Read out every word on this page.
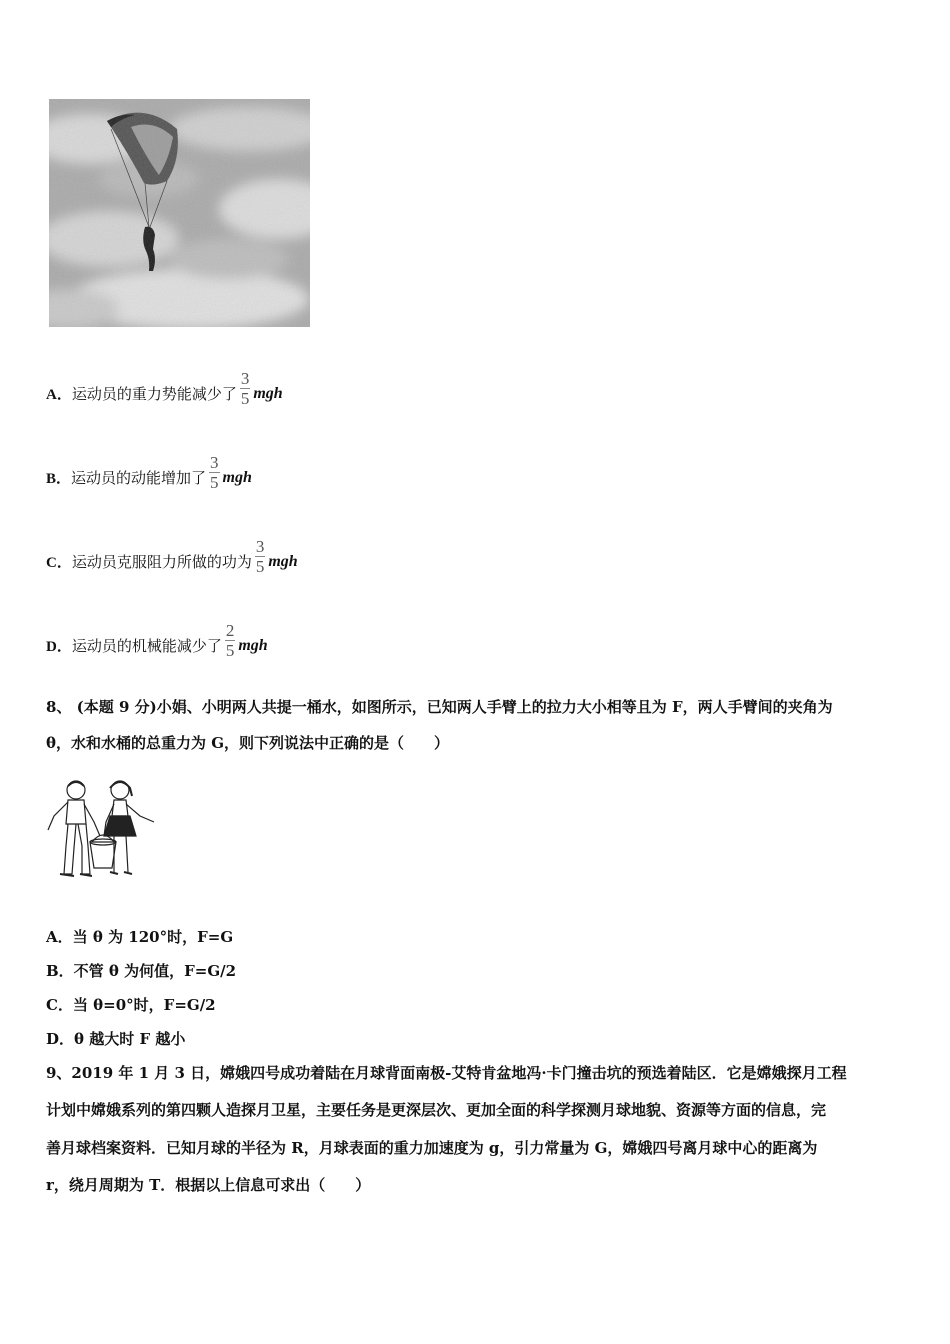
A． 运动员的重力势能减少了 $\frac{3}{5}$ mgh
B． 运动员的动能增加了 $\frac{3}{5}$ mgh
C． 运动员克服阻力所做的功为 $\frac{3}{5}$ mgh
D． 运动员的机械能减少了 $\frac{2}{5}$ mgh
8、 (本题 9 分)小娟、小明两人共提一桶水，如图所示，已知两人手臂上的拉力大小相等且为 F，两人手臂间的夹角为
θ，水和水桶的总重力为 G，则下列说法中正确的是（　　）
A．当 θ 为 120°时，F=G
B．不管 θ 为何值，F=G/2
C．当 θ=0°时，F=G/2
D．θ 越大时 F 越小
9、2019 年 1 月 3 日，嫦娥四号成功着陆在月球背面南极-艾特肯盆地冯·卡门撞击坑的预选着陆区．它是嫦娥探月工程
计划中嫦娥系列的第四颗人造探月卫星，主要任务是更深层次、更加全面的科学探测月球地貌、资源等方面的信息，完
善月球档案资料．已知月球的半径为 R，月球表面的重力加速度为 g，引力常量为 G，嫦娥四号离月球中心的距离为
r，绕月周期为 T．根据以上信息可求出（　　）
